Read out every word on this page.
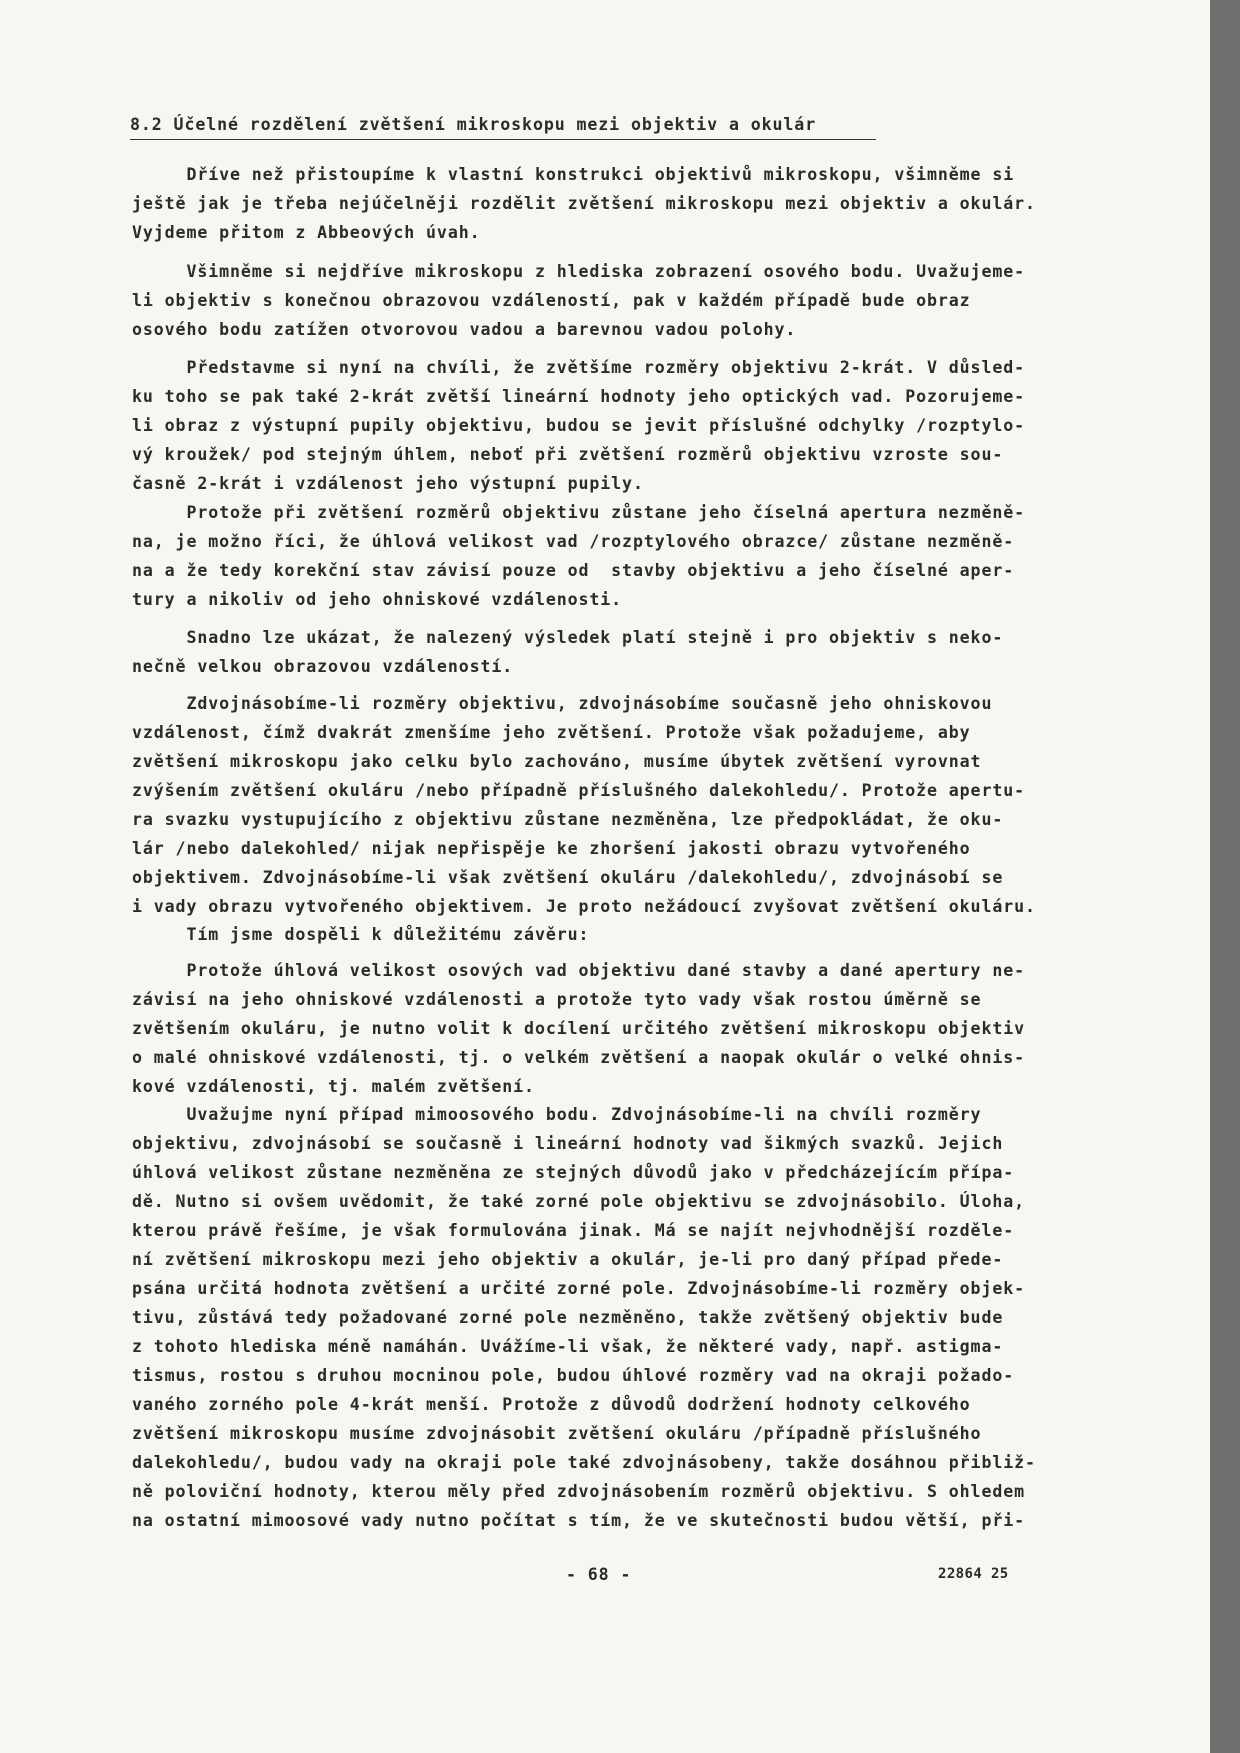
8.2 Účelné rozdělení zvětšení mikroskopu mezi objektiv a okulár

Dříve než přistoupíme k vlastní konstrukci objektivů mikroskopu, všimněme si
ještě jak je třeba nejúčelněji rozdělit zvětšení mikroskopu mezi objektiv a okulár.
Vyjdeme přitom z Abbeových úvah.

Všimněme si nejdříve mikroskopu z hlediska zobrazení osového bodu. Uvažujeme-
li objektiv s konečnou obrazovou vzdáleností, pak v každém případě bude obraz
osového bodu zatížen otvorovou vadou a barevnou vadou polohy.

Představme si nyní na chvíli, že zvětšíme rozměry objektivu 2-krát. V důsled-
ku toho se pak také 2-krát zvětší lineární hodnoty jeho optických vad. Pozorujeme-
li obraz z výstupní pupily objektivu, budou se jevit příslušné odchylky /rozptylo-
vý kroužek/ pod stejným úhlem, neboť při zvětšení rozměrů objektivu vzroste sou-
časně 2-krát i vzdálenost jeho výstupní pupily.

Protože při zvětšení rozměrů objektivu zůstane jeho číselná apertura nezměně-
na, je možno říci, že úhlová velikost vad /rozptylového obrazce/ zůstane nezměně-
na a že tedy korekční stav závisí pouze od  stavby objektivu a jeho číselné aper-
tury a nikoliv od jeho ohniskové vzdálenosti.

Snadno lze ukázat, že nalezený výsledek platí stejně i pro objektiv s neko-
nečně velkou obrazovou vzdáleností.

Zdvojnásobíme-li rozměry objektivu, zdvojnásobíme současně jeho ohniskovou
vzdálenost, čímž dvakrát zmenšíme jeho zvětšení. Protože však požadujeme, aby
zvětšení mikroskopu jako celku bylo zachováno, musíme úbytek zvětšení vyrovnat
zvýšením zvětšení okuláru /nebo případně příslušného dalekohledu/. Protože apertu-
ra svazku vystupujícího z objektivu zůstane nezměněna, lze předpokládat, že oku-
lár /nebo dalekohled/ nijak nepřispěje ke zhoršení jakosti obrazu vytvořeného
objektivem. Zdvojnásobíme-li však zvětšení okuláru /dalekohledu/, zdvojnásobí se
i vady obrazu vytvořeného objektivem. Je proto nežádoucí zvyšovat zvětšení okuláru.

Tím jsme dospěli k důležitému závěru:

Protože úhlová velikost osových vad objektivu dané stavby a dané apertury ne-
závisí na jeho ohniskové vzdálenosti a protože tyto vady však rostou úměrně se
zvětšením okuláru, je nutno volit k docílení určitého zvětšení mikroskopu objektiv
o malé ohniskové vzdálenosti, tj. o velkém zvětšení a naopak okulár o velké ohnis-
kové vzdálenosti, tj. malém zvětšení.

Uvažujme nyní případ mimoosového bodu. Zdvojnásobíme-li na chvíli rozměry
objektivu, zdvojnásobí se současně i lineární hodnoty vad šikmých svazků. Jejich
úhlová velikost zůstane nezměněna ze stejných důvodů jako v předcházejícím přípa-
dě. Nutno si ovšem uvědomit, že také zorné pole objektivu se zdvojnásobilo. Úloha,
kterou právě řešíme, je však formulována jinak. Má se najít nejvhodnější rozděle-
ní zvětšení mikroskopu mezi jeho objektiv a okulár, je-li pro daný případ přede-
psána určitá hodnota zvětšení a určité zorné pole. Zdvojnásobíme-li rozměry objek-
tivu, zůstává tedy požadované zorné pole nezměněno, takže zvětšený objektiv bude
z tohoto hlediska méně namáhán. Uvážíme-li však, že některé vady, např. astigma-
tismus, rostou s druhou mocninou pole, budou úhlové rozměry vad na okraji požado-
vaného zorného pole 4-krát menší. Protože z důvodů dodržení hodnoty celkového
zvětšení mikroskopu musíme zdvojnásobit zvětšení okuláru /případně příslušného
dalekohledu/, budou vady na okraji pole také zdvojnásobeny, takže dosáhnou přibliž-
ně poloviční hodnoty, kterou měly před zdvojnásobením rozměrů objektivu. S ohledem
na ostatní mimoosové vady nutno počítat s tím, že ve skutečnosti budou větší, při-

- 68 -	22864 25
